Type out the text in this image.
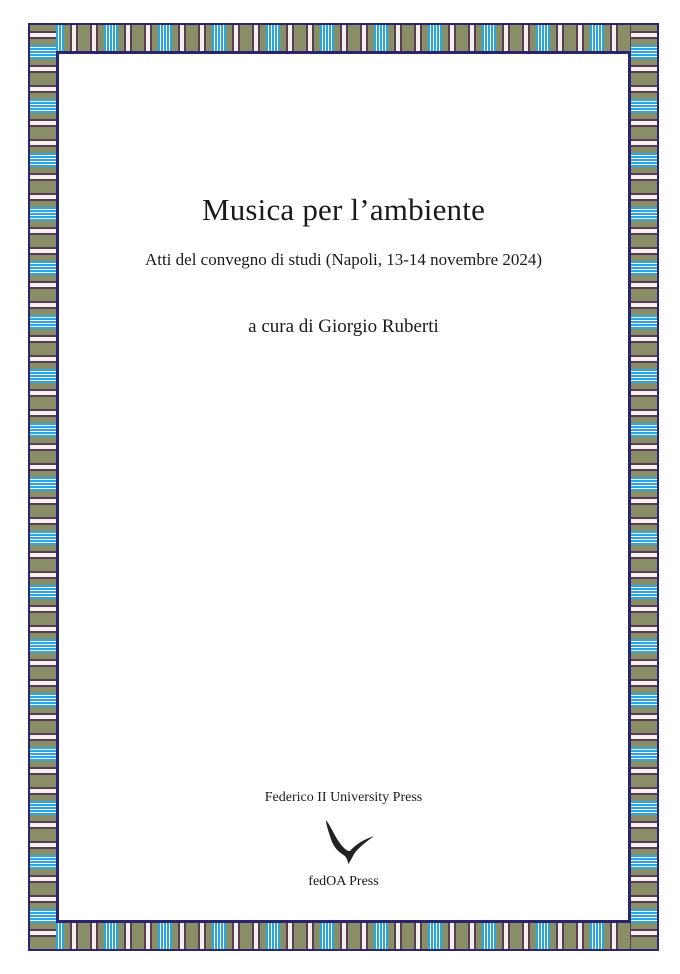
Musica per l’ambiente
Atti del convegno di studi (Napoli, 13-14 novembre 2024)
a cura di Giorgio Ruberti
Federico II University Press
fedOA Press
